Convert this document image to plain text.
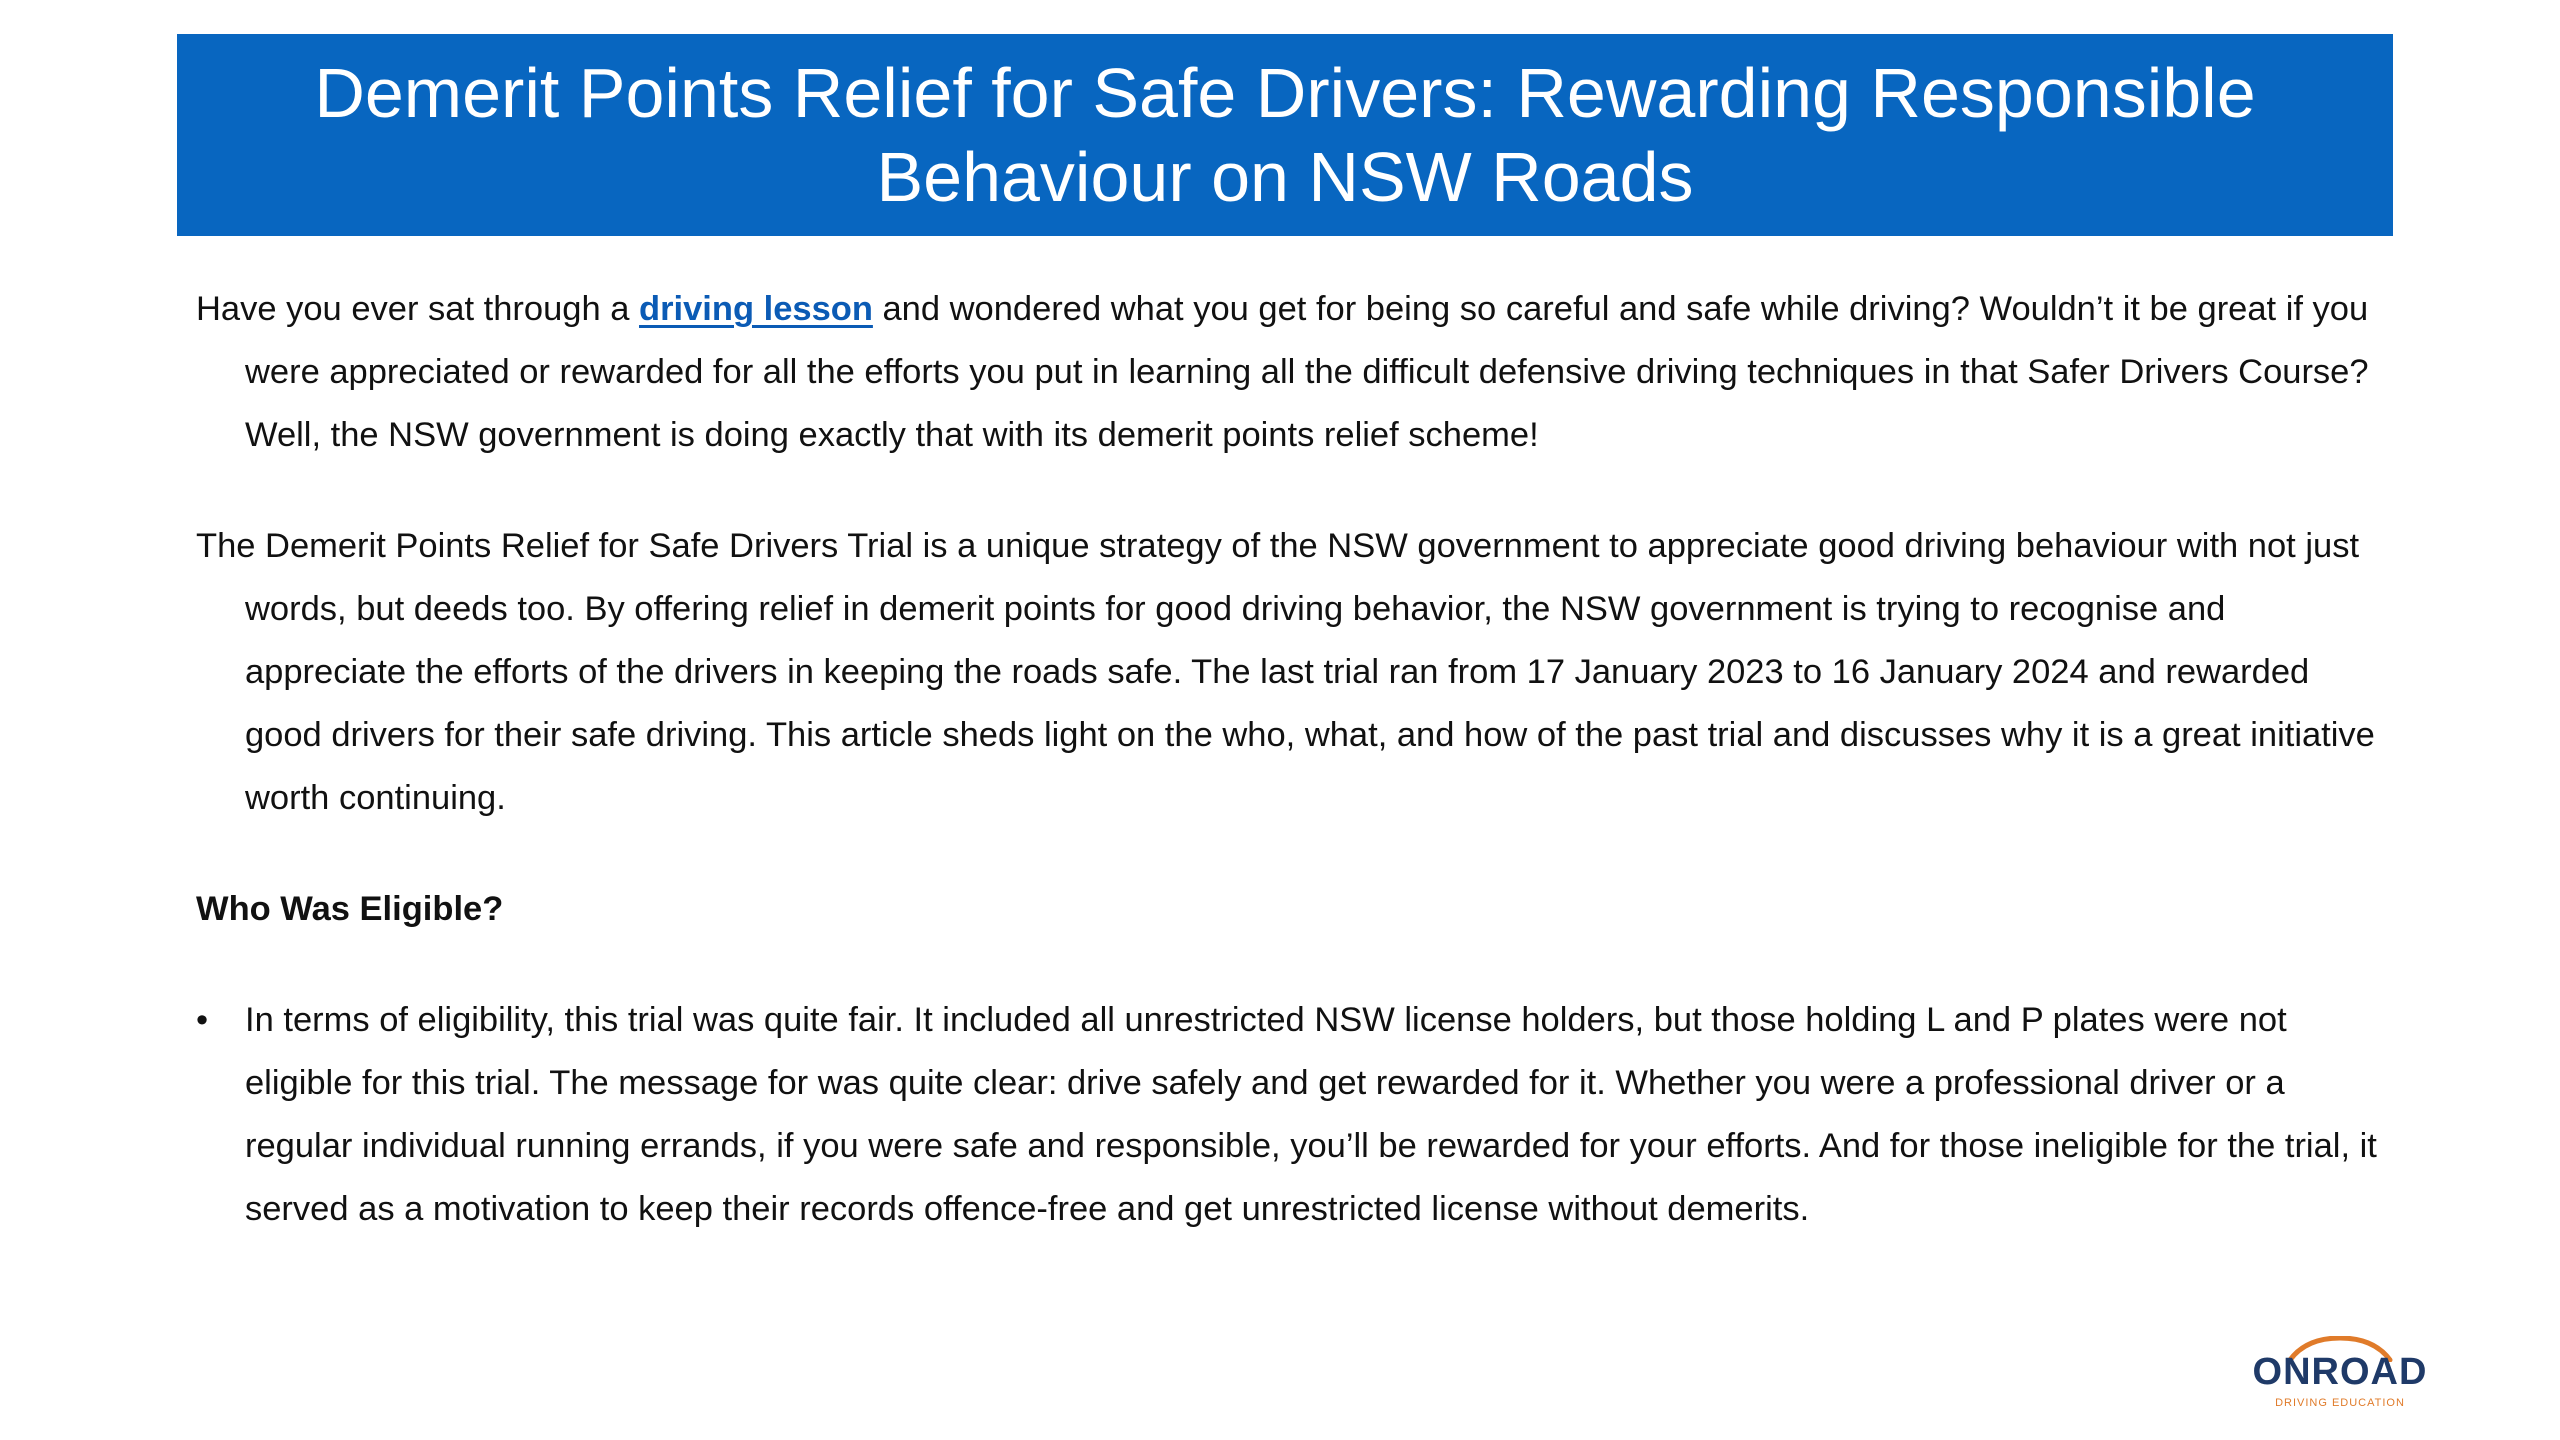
Demerit Points Relief for Safe Drivers: Rewarding Responsible
Behaviour on NSW Roads

Have you ever sat through a driving lesson and wondered what you get for being so careful and safe while driving? Wouldn’t it be great if you were appreciated or rewarded for all the efforts you put in learning all the difficult defensive driving techniques in that Safer Drivers Course? Well, the NSW government is doing exactly that with its demerit points relief scheme!

The Demerit Points Relief for Safe Drivers Trial is a unique strategy of the NSW government to appreciate good driving behaviour with not just words, but deeds too. By offering relief in demerit points for good driving behavior, the NSW government is trying to recognise and appreciate the efforts of the drivers in keeping the roads safe. The last trial ran from 17 January 2023 to 16 January 2024 and rewarded good drivers for their safe driving. This article sheds light on the who, what, and how of the past trial and discusses why it is a great initiative worth continuing.

Who Was Eligible?

• In terms of eligibility, this trial was quite fair. It included all unrestricted NSW license holders, but those holding L and P plates were not eligible for this trial. The message for was quite clear: drive safely and get rewarded for it. Whether you were a professional driver or a regular individual running errands, if you were safe and responsible, you’ll be rewarded for your efforts. And for those ineligible for the trial, it served as a motivation to keep their records offence-free and get unrestricted license without demerits.
ONROAD
DRIVING EDUCATION
